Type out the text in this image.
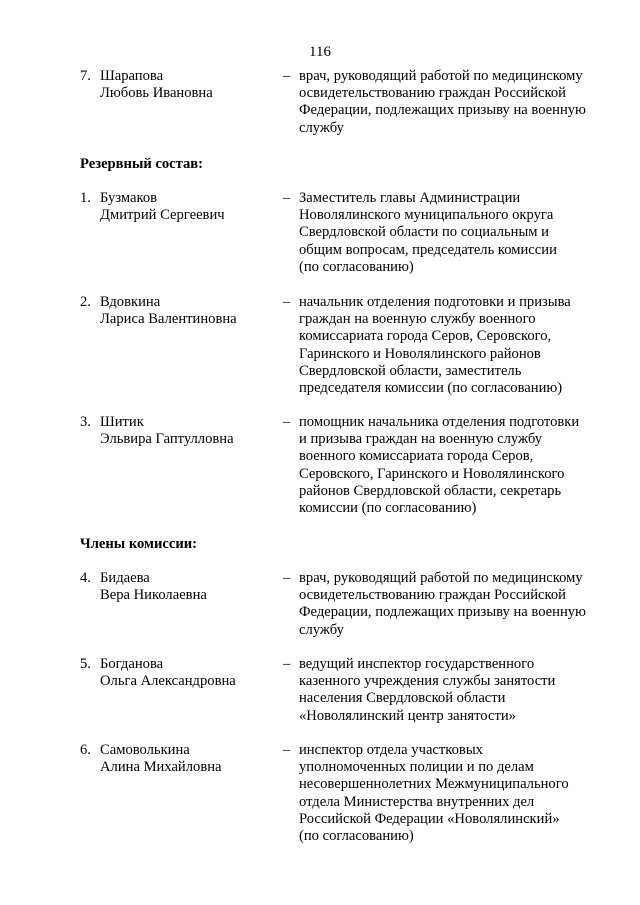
116
7. Шарапова
Любовь Ивановна
– врач, руководящий работой по медицинскому
освидетельствованию граждан Российской
Федерации, подлежащих призыву на военную
службу
Резервный состав:
1. Бузмаков
Дмитрий Сергеевич
– Заместитель главы Администрации
Новолялинского муниципального округа
Свердловской области по социальным и
общим вопросам, председатель комиссии
(по согласованию)
2. Вдовкина
Лариса Валентиновна
– начальник отделения подготовки и призыва
граждан на военную службу военного
комиссариата города Серов, Серовского,
Гаринского и Новолялинского районов
Свердловской области, заместитель
председателя комиссии (по согласованию)
3. Шитик
Эльвира Гаптулловна
– помощник начальника отделения подготовки
и призыва граждан на военную службу
военного комиссариата города Серов,
Серовского, Гаринского и Новолялинского
районов Свердловской области, секретарь
комиссии (по согласованию)
Члены комиссии:
4. Бидаева
Вера Николаевна
– врач, руководящий работой по медицинскому
освидетельствованию граждан Российской
Федерации, подлежащих призыву на военную
службу
5. Богданова
Ольга Александровна
– ведущий инспектор государственного
казенного учреждения службы занятости
населения Свердловской области
«Новолялинский центр занятости»
6. Самоволькина
Алина Михайловна
– инспектор отдела участковых
уполномоченных полиции и по делам
несовершеннолетних Межмуниципального
отдела Министерства внутренних дел
Российской Федерации «Новолялинский»
(по согласованию)
